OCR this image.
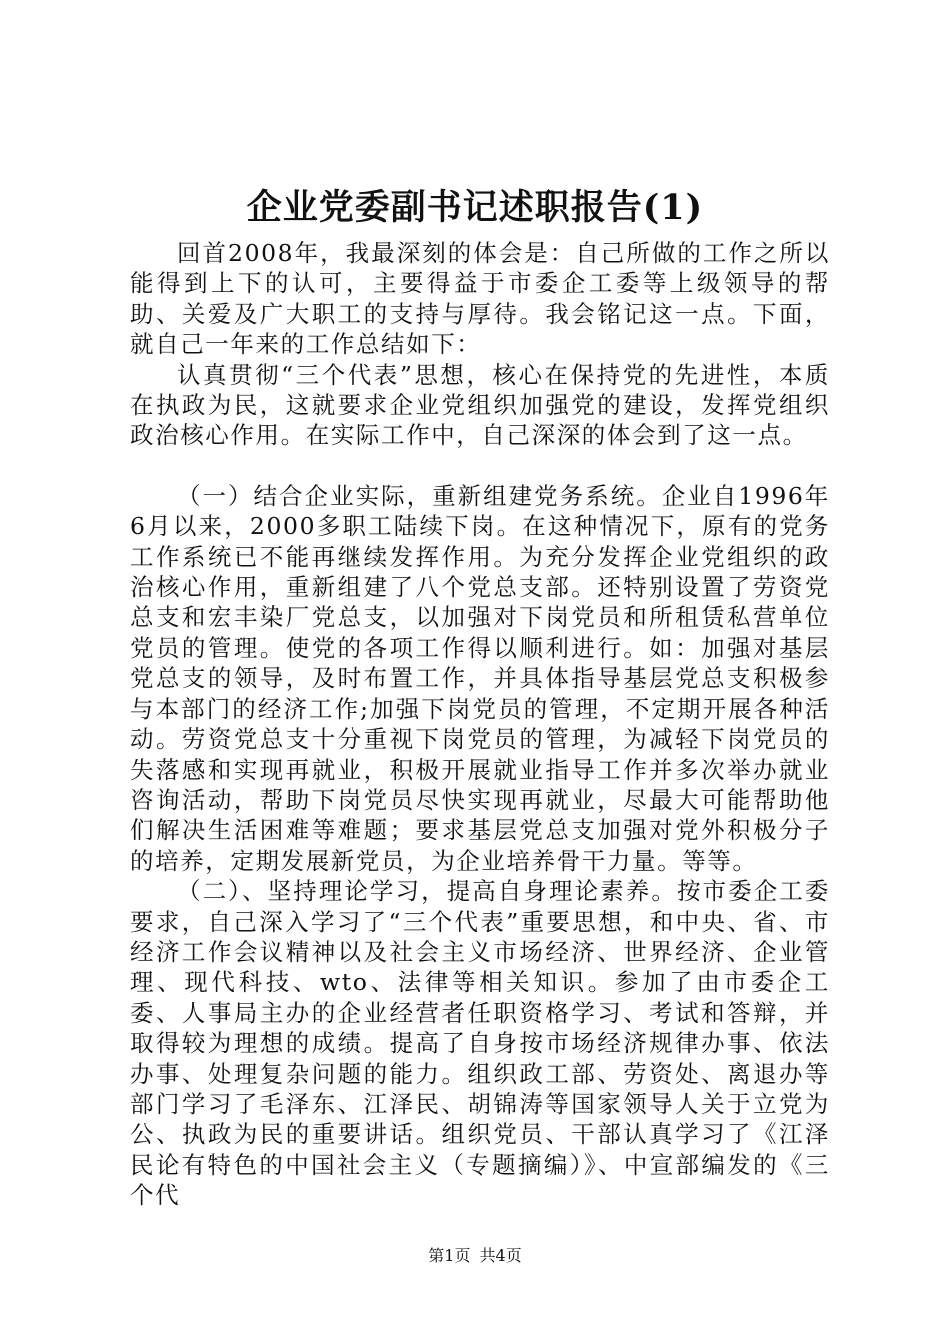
企业党委副书记述职报告(1)

回首2008年，我最深刻的体会是：自己所做的工作之所以能得到上下的认可，主要得益于市委企工委等上级领导的帮助、关爱及广大职工的支持与厚待。我会铭记这一点。下面，就自己一年来的工作总结如下：

认真贯彻“三个代表”思想，核心在保持党的先进性，本质在执政为民，这就要求企业党组织加强党的建设，发挥党组织政治核心作用。在实际工作中，自己深深的体会到了这一点。

（一）结合企业实际，重新组建党务系统。企业自1996年6月以来，2000多职工陆续下岗。在这种情况下，原有的党务工作系统已不能再继续发挥作用。为充分发挥企业党组织的政治核心作用，重新组建了八个党总支部。还特别设置了劳资党总支和宏丰染厂党总支，以加强对下岗党员和所租赁私营单位党员的管理。使党的各项工作得以顺利进行。如：加强对基层党总支的领导，及时布置工作，并具体指导基层党总支积极参与本部门的经济工作;加强下岗党员的管理，不定期开展各种活动。劳资党总支十分重视下岗党员的管理，为减轻下岗党员的失落感和实现再就业，积极开展就业指导工作并多次举办就业咨询活动，帮助下岗党员尽快实现再就业，尽最大可能帮助他们解决生活困难等难题；要求基层党总支加强对党外积极分子的培养，定期发展新党员，为企业培养骨干力量。等等。

（二）、坚持理论学习，提高自身理论素养。按市委企工委要求，自己深入学习了“三个代表”重要思想，和中央、省、市经济工作会议精神以及社会主义市场经济、世界经济、企业管理、现代科技、wto、法律等相关知识。参加了由市委企工委、人事局主办的企业经营者任职资格学习、考试和答辩，并取得较为理想的成绩。提高了自身按市场经济规律办事、依法办事、处理复杂问题的能力。组织政工部、劳资处、离退办等部门学习了毛泽东、江泽民、胡锦涛等国家领导人关于立党为公、执政为民的重要讲话。组织党员、干部认真学习了《江泽民论有特色的中国社会主义（专题摘编）》、中宣部编发的《三个代

第1页 共4页
